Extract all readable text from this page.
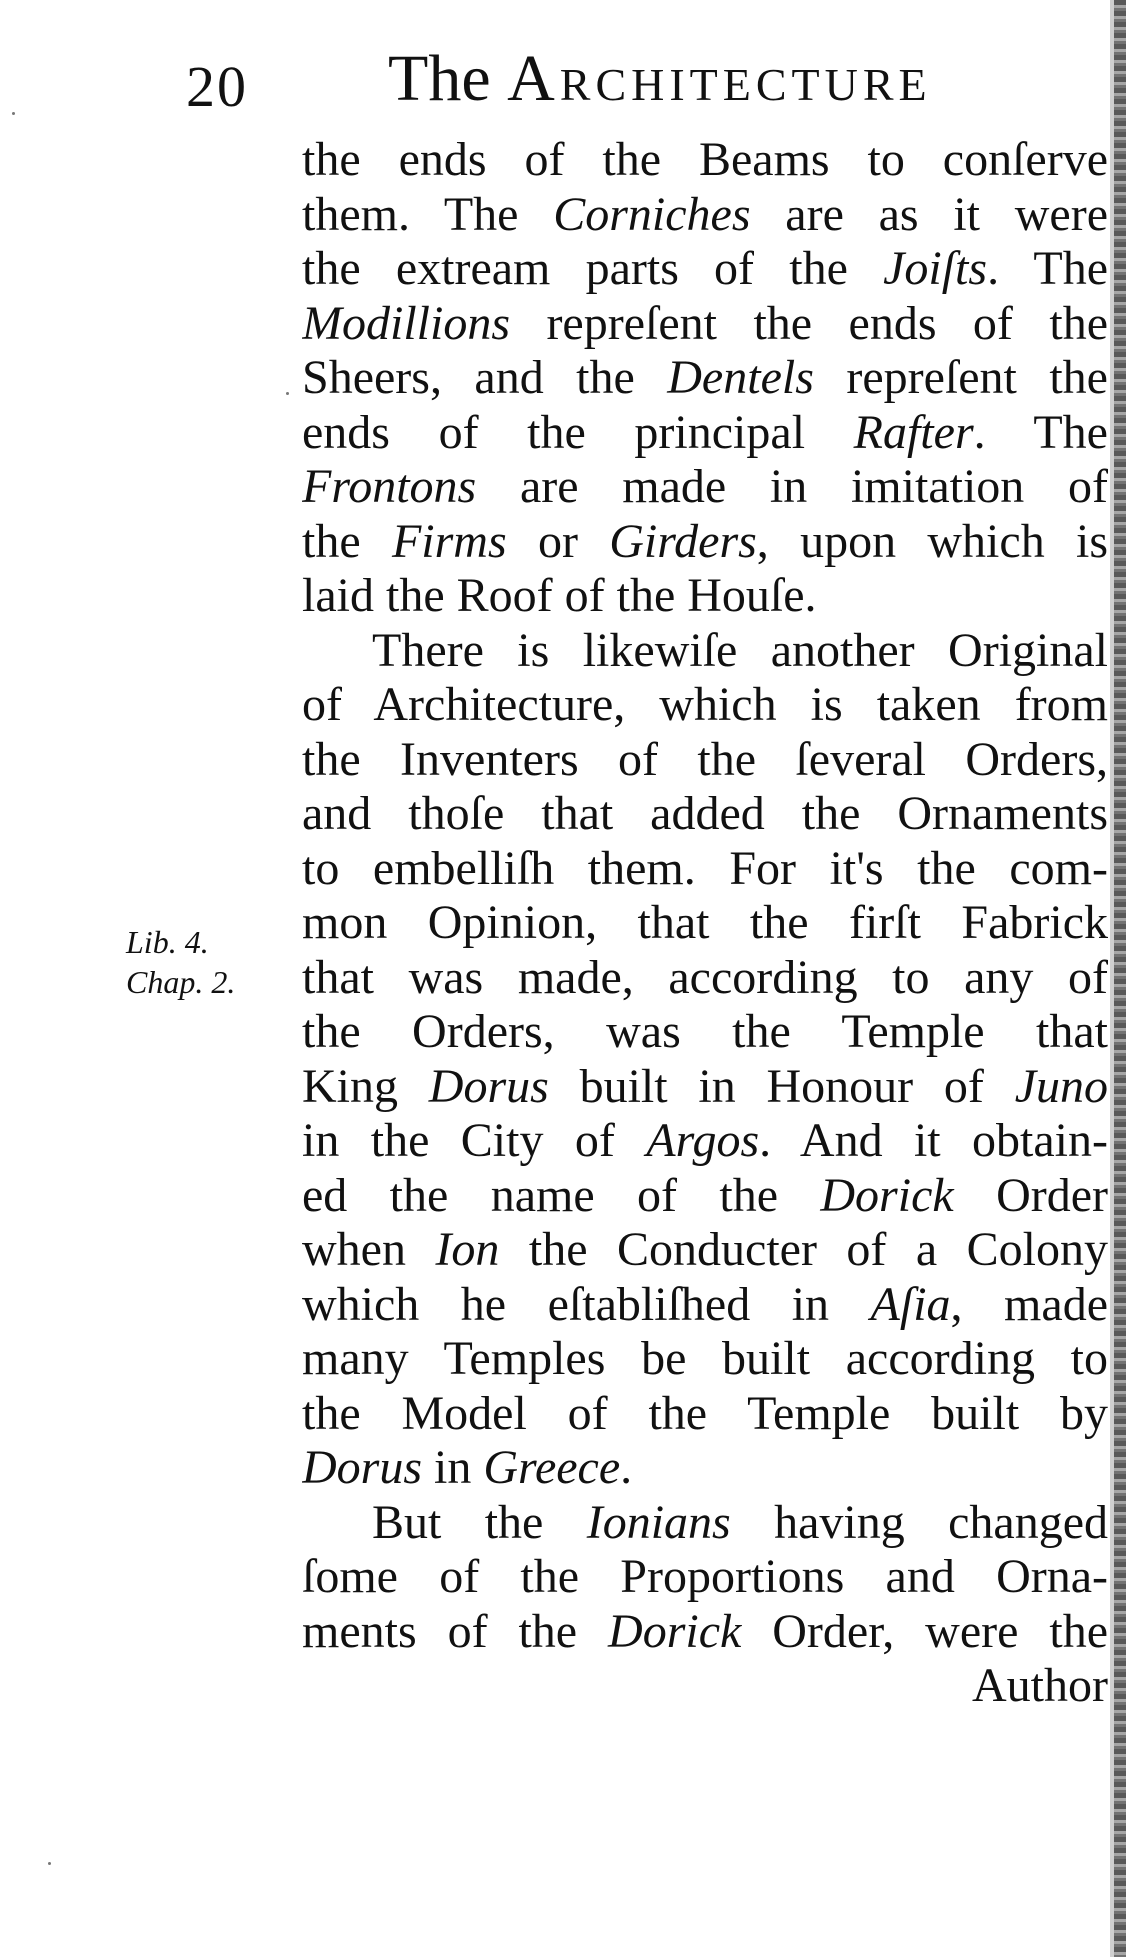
20 The Architecture
Lib. 4.
Chap. 2.
the ends of the Beams to conſerve
them. The Corniches are as it were
the extream parts of the Joiſts. The
Modillions repreſent the ends of the
Sheers, and the Dentels repreſent the
ends of the principal Rafter. The
Frontons are made in imitation of
the Firms or Girders, upon which is
laid the Roof of the Houſe.
There is likewiſe another Original
of Architecture, which is taken from
the Inventers of the ſeveral Orders,
and thoſe that added the Ornaments
to embelliſh them. For it's the com-
mon Opinion, that the firſt Fabrick
that was made, according to any of
the Orders, was the Temple that
King Dorus built in Honour of Juno
in the City of Argos. And it obtain-
ed the name of the Dorick Order
when Ion the Conducter of a Colony
which he eſtabliſhed in Aſia, made
many Temples be built according to
the Model of the Temple built by
Dorus in Greece.
But the Ionians having changed
ſome of the Proportions and Orna-
ments of the Dorick Order, were the
Author
